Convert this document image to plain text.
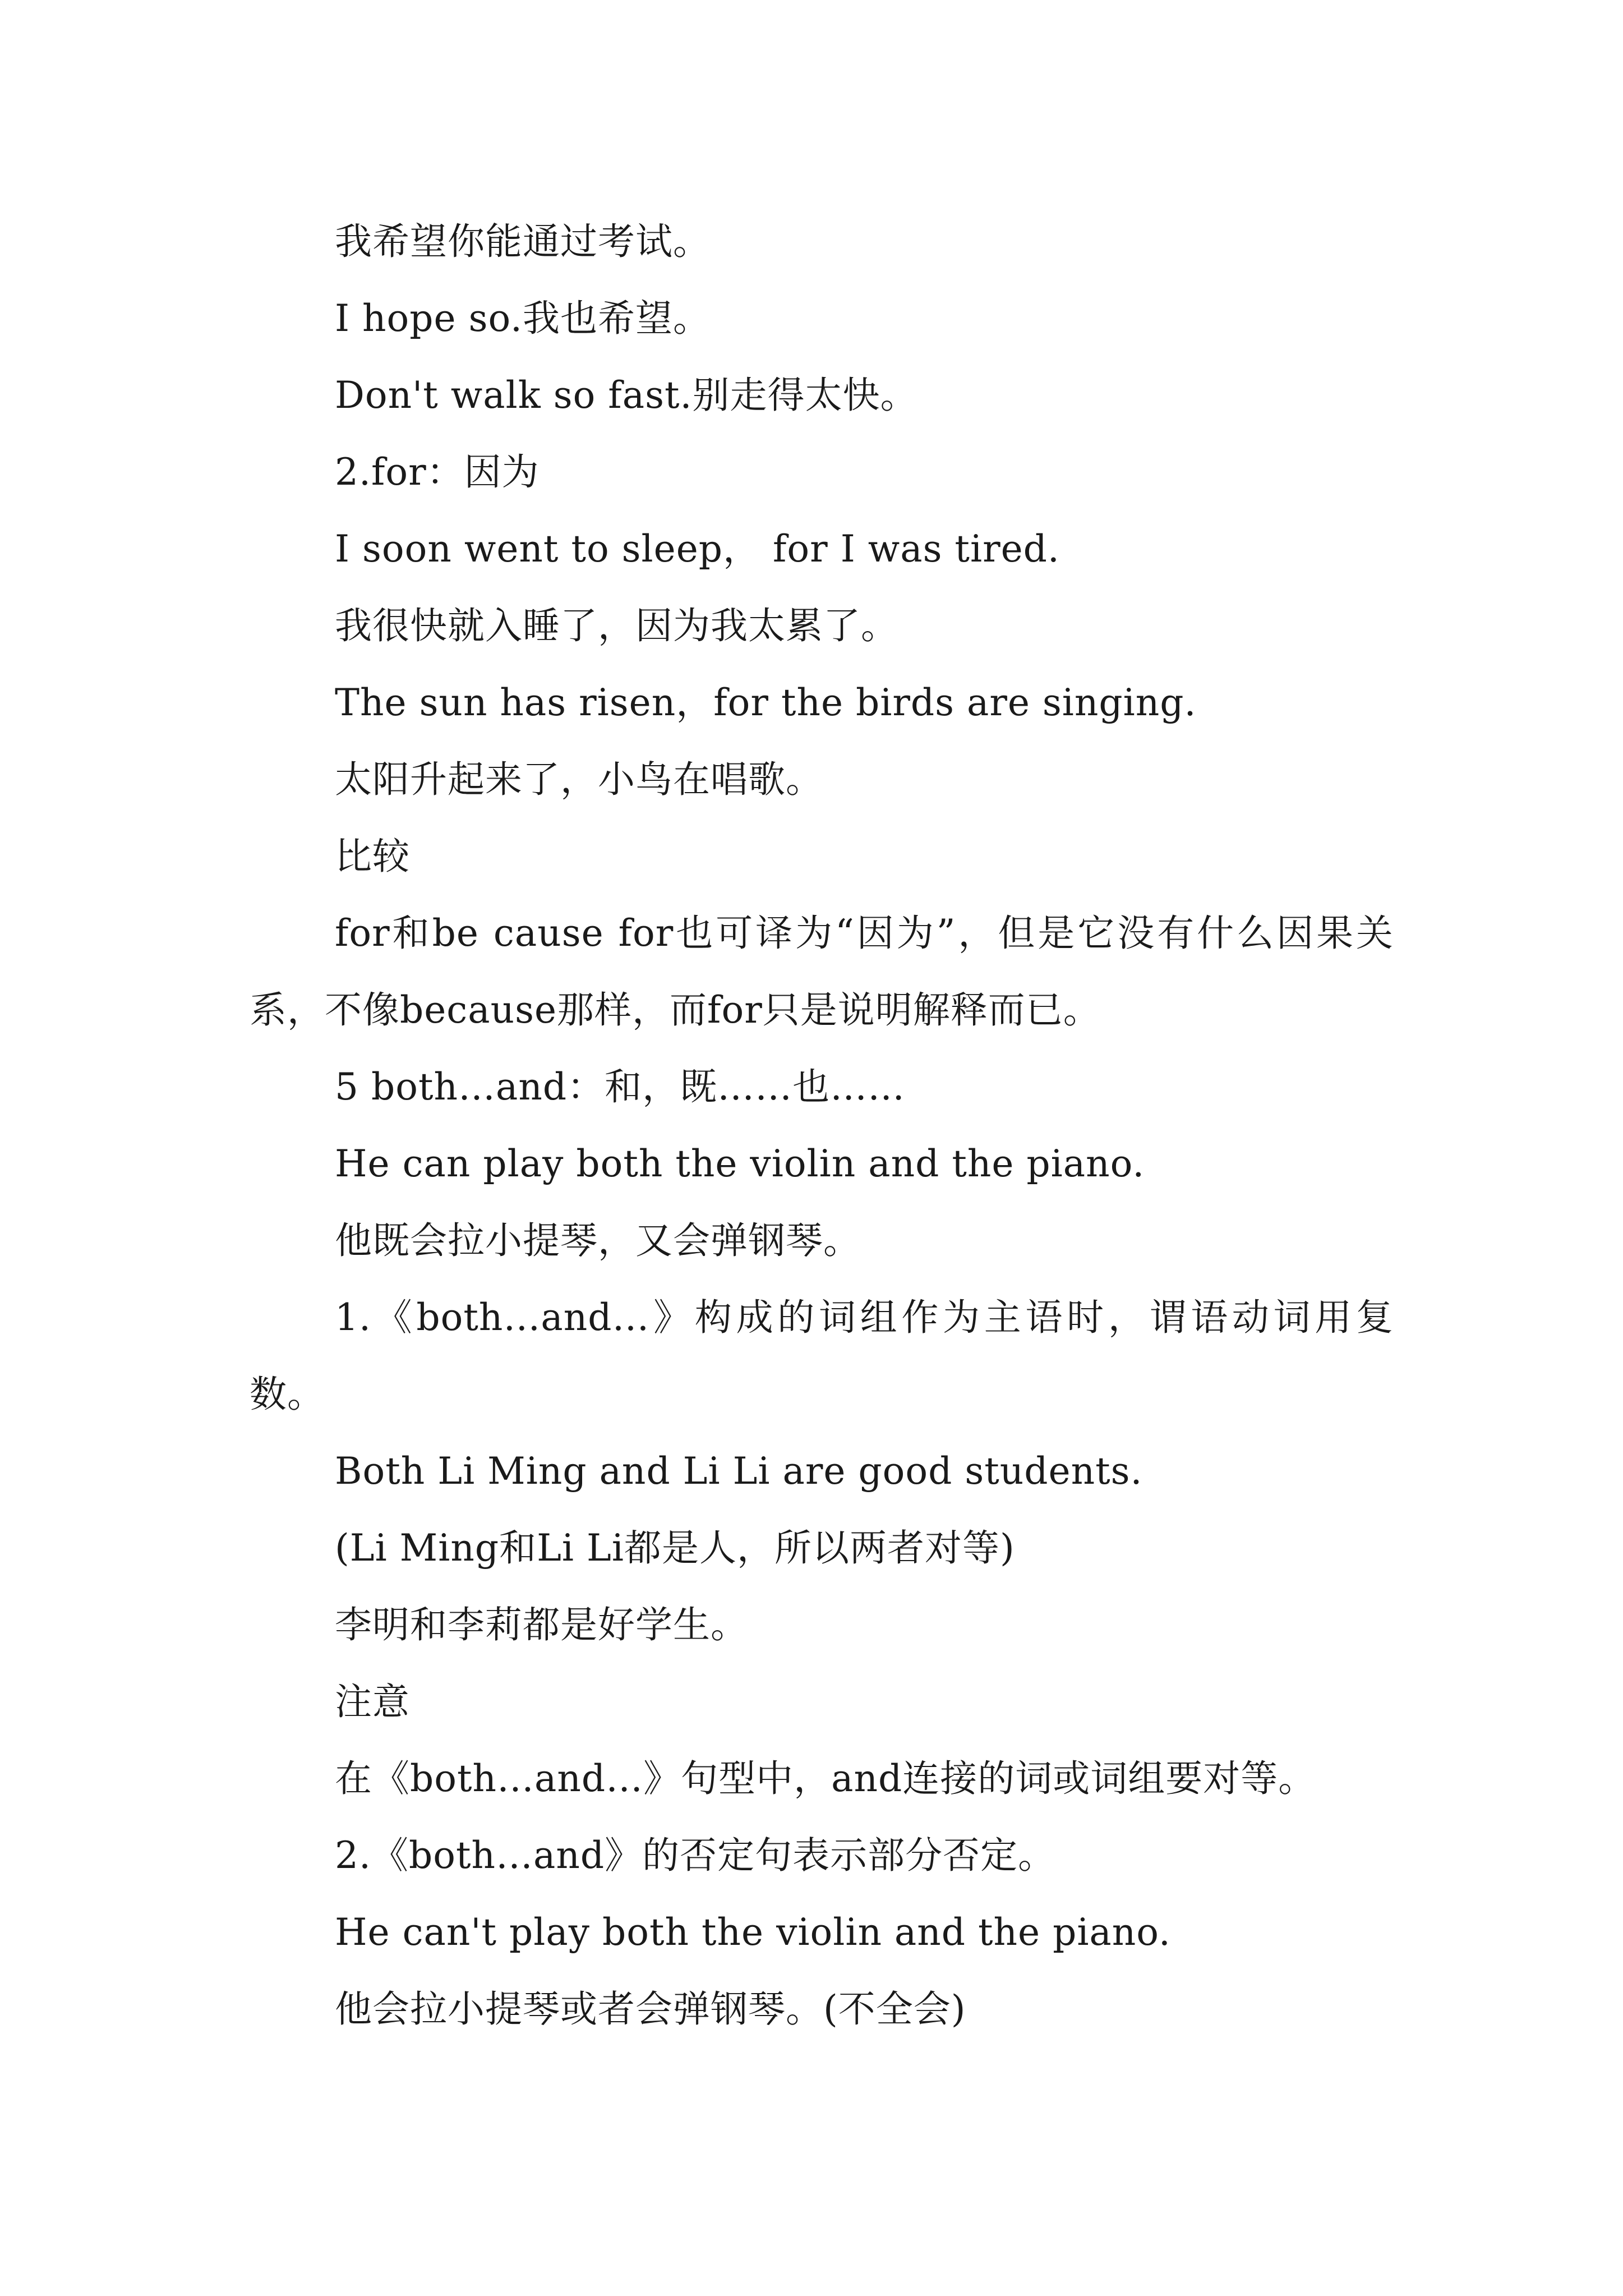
我希望你能通过考试。
I hope so.我也希望。
Don't walk so fast.别走得太快。
2.for：因为
I soon went to sleep， for I was tired.
我很快就入睡了，因为我太累了。
The sun has risen，for the birds are singing.
太阳升起来了，小鸟在唱歌。
比较
for和be cause for也可译为“因为”，但是它没有什么因果关系，不像because那样，而for只是说明解释而已。
5 both…and：和，既……也……
He can play both the violin and the piano.
他既会拉小提琴，又会弹钢琴。
1.《both…and…》构成的词组作为主语时，谓语动词用复数。
Both Li Ming and Li Li are good students.
(Li Ming和Li Li都是人，所以两者对等)
李明和李莉都是好学生。
注意
在《both…and…》句型中，and连接的词或词组要对等。
2.《both…and》的否定句表示部分否定。
He can't play both the violin and the piano.
他会拉小提琴或者会弹钢琴。(不全会)
